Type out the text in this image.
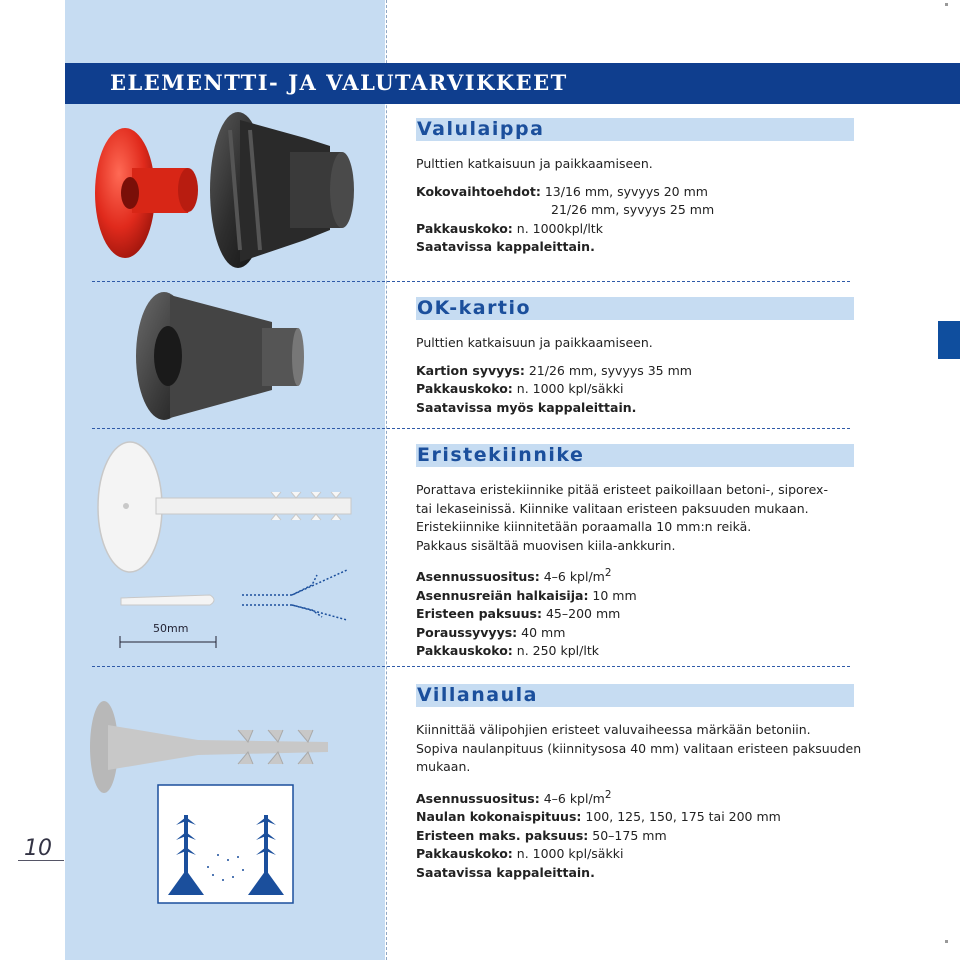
ELEMENTTI- JA VALUTARVIKKEET
50mm
Valulaippa
Pulttien katkaisuun ja paikkaamiseen.
Kokovaihtoehdot: 13/16 mm, syvyys 20 mm
21/26 mm, syvyys 25 mm
Pakkauskoko: n. 1000kpl/ltk
Saatavissa kappaleittain.
OK-kartio
Pulttien katkaisuun ja paikkaamiseen.
Kartion syvyys: 21/26 mm, syvyys 35 mm
Pakkauskoko: n. 1000 kpl/säkki
Saatavissa myös kappaleittain.
Eristekiinnike
Porattava eristekiinnike pitää eristeet paikoillaan betoni-, siporex-
tai lekaseinissä. Kiinnike valitaan eristeen paksuuden mukaan.
Eristekiinnike kiinnitetään poraamalla 10 mm:n reikä.
Pakkaus sisältää muovisen kiila-ankkurin.
Asennussuositus: 4–6 kpl/$m^2$
Asennusreiän halkaisija: 10 mm
Eristeen paksuus: 45–200 mm
Poraussyvyys: 40 mm
Pakkauskoko: n. 250 kpl/ltk
Villanaula
Kiinnittää välipohjien eristeet valuvaiheessa märkään betoniin.
Sopiva naulanpituus (kiinnitysosa 40 mm) valitaan eristeen paksuuden
mukaan.
Asennussuositus: 4–6 kpl/$m^2$
Naulan kokonaispituus: 100, 125, 150, 175 tai 200 mm
Eristeen maks. paksuus: 50–175 mm
Pakkauskoko: n. 1000 kpl/säkki
Saatavissa kappaleittain.
10
